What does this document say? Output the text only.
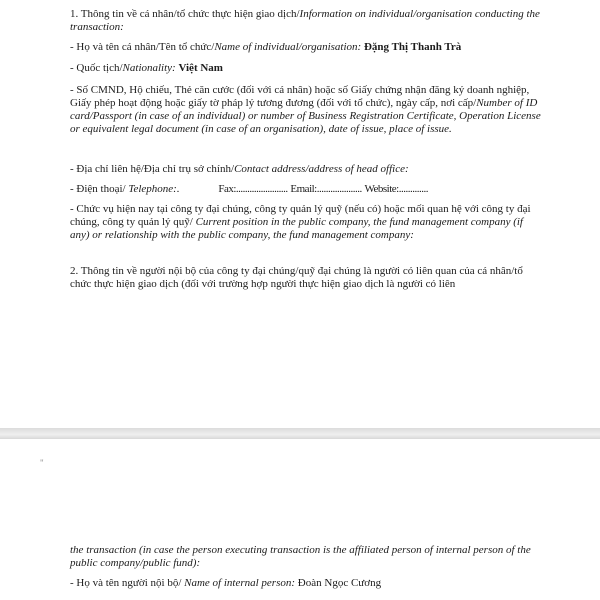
1. Thông tin về cá nhân/tổ chức thực hiện giao dịch/Information on individual/organisation conducting the transaction:

- Họ và tên cá nhân/Tên tổ chức/Name of individual/organisation: Đặng Thị Thanh Trà

- Quốc tịch/Nationality: Việt Nam

- Số CMND, Hộ chiếu, Thẻ căn cước (đối với cá nhân) hoặc số Giấy chứng nhận đăng ký doanh nghiệp, Giấy phép hoạt động hoặc giấy tờ pháp lý tương đương (đối với tổ chức), ngày cấp, nơi cấp/Number of ID card/Passport (in case of an individual) or number of Business Registration Certificate, Operation License or equivalent legal document (in case of an organisation), date of issue, place of issue.

- Địa chỉ liên hệ/Địa chỉ trụ sở chính/Contact address/address of head office:

- Điện thoại/ Telephone:.	Fax:....................... Email:.................... Website:.............

- Chức vụ hiện nay tại công ty đại chúng, công ty quản lý quỹ (nếu có) hoặc mối quan hệ với công ty đại chúng, công ty quản lý quỹ/ Current position in the public company, the fund management company (if any) or relationship with the public company, the fund management company:

2. Thông tin về người nội bộ của công ty đại chúng/quỹ đại chúng là người có liên quan của cá nhân/tổ chức thực hiện giao dịch (đối với trường hợp người thực hiện giao dịch là người có liên

"

the transaction (in case the person executing transaction is the affiliated person of internal person of the public company/public fund):

- Họ và tên người nội bộ/ Name of internal person: Đoàn Ngọc Cương
